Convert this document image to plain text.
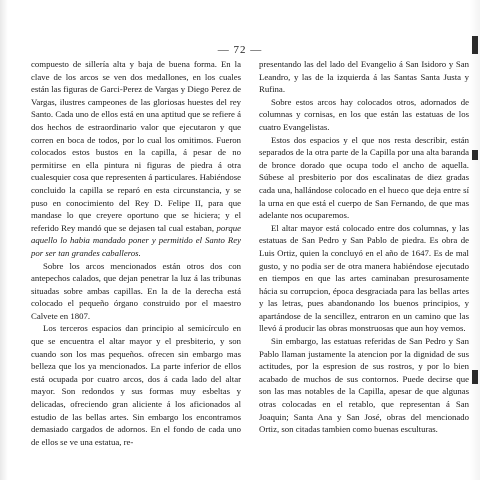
— 72 —

compuesto de sillería alta y baja de buena forma. En la clave de los arcos se ven dos medallones, en los cuales están las figuras de Garci-Perez de Vargas y Diego Perez de Vargas, ilustres campeones de las gloriosas huestes del rey Santo. Cada uno de ellos está en una aptitud que se refiere á dos hechos de estraordinario valor que ejecutaron y que corren en boca de todos, por lo cual los omitimos. Fueron colocados estos bustos en la capilla, á pesar de no permitirse en ella pintura ni figuras de piedra á otra cualesquier cosa que representen á particulares. Habiéndose concluido la capilla se reparó en esta circunstancia, y se puso en conocimiento del Rey D. Felipe II, para que mandase lo que creyere oportuno que se hiciera; y el referido Rey mandó que se dejasen tal cual estaban, porque aquello lo habia mandado poner y permitido el Santo Rey por ser tan grandes caballeros.

Sobre los arcos mencionados están otros dos con antepechos calados, que dejan penetrar la luz á las tribunas situadas sobre ambas capillas. En la de la derecha está colocado el pequeño órgano construido por el maestro Calvete en 1807.

Los terceros espacios dan principio al semicírculo en que se encuentra el altar mayor y el presbiterio, y son cuando son los mas pequeños. ofrecen sin embargo mas belleza que los ya mencionados. La parte inferior de ellos está ocupada por cuatro arcos, dos á cada lado del altar mayor. Son redondos y sus formas muy esbeltas y delicadas, ofreciendo gran aliciente á los aficionados al estudio de las bellas artes. Sin embargo los encontramos demasiado cargados de adornos. En el fondo de cada uno de ellos se ve una estatua, re-

presentando las del lado del Evangelio á San Isidoro y San Leandro, y las de la izquierda á las Santas Santa Justa y Rufina.

Sobre estos arcos hay colocados otros, adornados de columnas y cornisas, en los que están las estatuas de los cuatro Evangelistas.

Estos dos espacios y el que nos resta describir, están separados de la otra parte de la Capilla por una alta baranda de bronce dorado que ocupa todo el ancho de aquella. Súbese al presbiterio por dos escalinatas de diez gradas cada una, hallándose colocado en el hueco que deja entre sí la urna en que está el cuerpo de San Fernando, de que mas adelante nos ocuparemos.

El altar mayor está colocado entre dos columnas, y las estatuas de San Pedro y San Pablo de piedra. Es obra de Luis Ortiz, quien la concluyó en el año de 1647. Es de mal gusto, y no podia ser de otra manera habiéndose ejecutado en tiempos en que las artes caminaban presurosamente hácia su corrupcion, época desgraciada para las bellas artes y las letras, pues abandonando los buenos principios, y apartándose de la sencillez, entraron en un camino que las llevó á producir las obras monstruosas que aun hoy vemos.

Sin embargo, las estatuas referidas de San Pedro y San Pablo llaman justamente la atencion por la dignidad de sus actitudes, por la espresion de sus rostros, y por lo bien acabado de muchos de sus contornos. Puede decirse que son las mas notables de la Capilla, apesar de que algunas otras colocadas en el retablo, que representan á San Joaquin; Santa Ana y San José, obras del mencionado Ortiz, son citadas tambien como buenas esculturas.
